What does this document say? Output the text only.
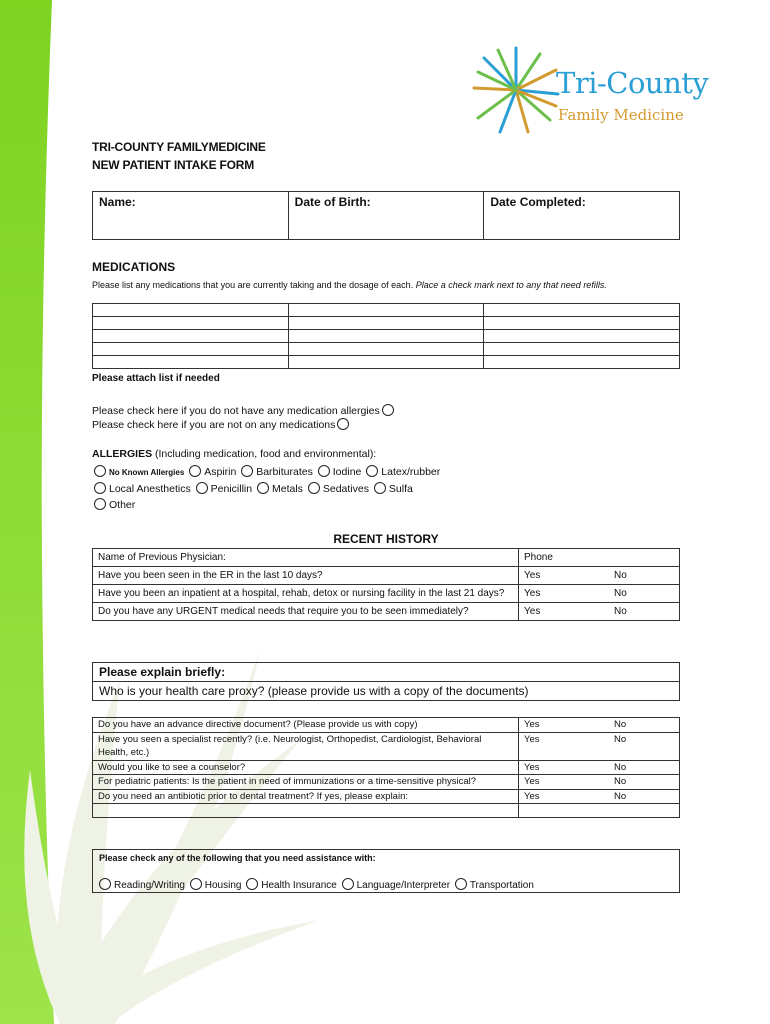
Tri-County
Family Medicine
TRI-COUNTY FAMILYMEDICINE
NEW PATIENT INTAKE FORM
Name:	Date of Birth:	Date Completed:
MEDICATIONS
Please list any medications that you are currently taking and the dosage of each. Place a check mark next to any that need refills.

Please attach list if needed
Please check here if you do not have any medication allergies
Please check here if you are not on any medications
ALLERGIES (Including medication, food and environmental):
No Known Allergies Aspirin Barbiturates Iodine Latex/rubber
Local Anesthetics Penicillin Metals Sedatives Sulfa
Other
RECENT HISTORY
Name of Previous Physician:	Phone	
Have you been seen in the ER in the last 10 days?	Yes	No
Have you been an inpatient at a hospital, rehab, detox or nursing facility in the last 21 days?	Yes	No
Do you have any URGENT medical needs that require you to be seen immediately?	Yes	No
Please explain briefly:
Who is your health care proxy? (please provide us with a copy of the documents)
Do you have an advance directive document? (Please provide us with copy)	Yes	No
Have you seen a specialist recently? (i.e. Neurologist, Orthopedist, Cardiologist, Behavioral Health, etc.)	Yes	No
Would you like to see a counselor?	Yes	No
For pediatric patients: Is the patient in need of immunizations or a time-sensitive physical?	Yes	No
Do you need an antibiotic prior to dental treatment? If yes, please explain:	Yes	No

Please check any of the following that you need assistance with:
Reading/Writing Housing Health Insurance Language/Interpreter Transportation
